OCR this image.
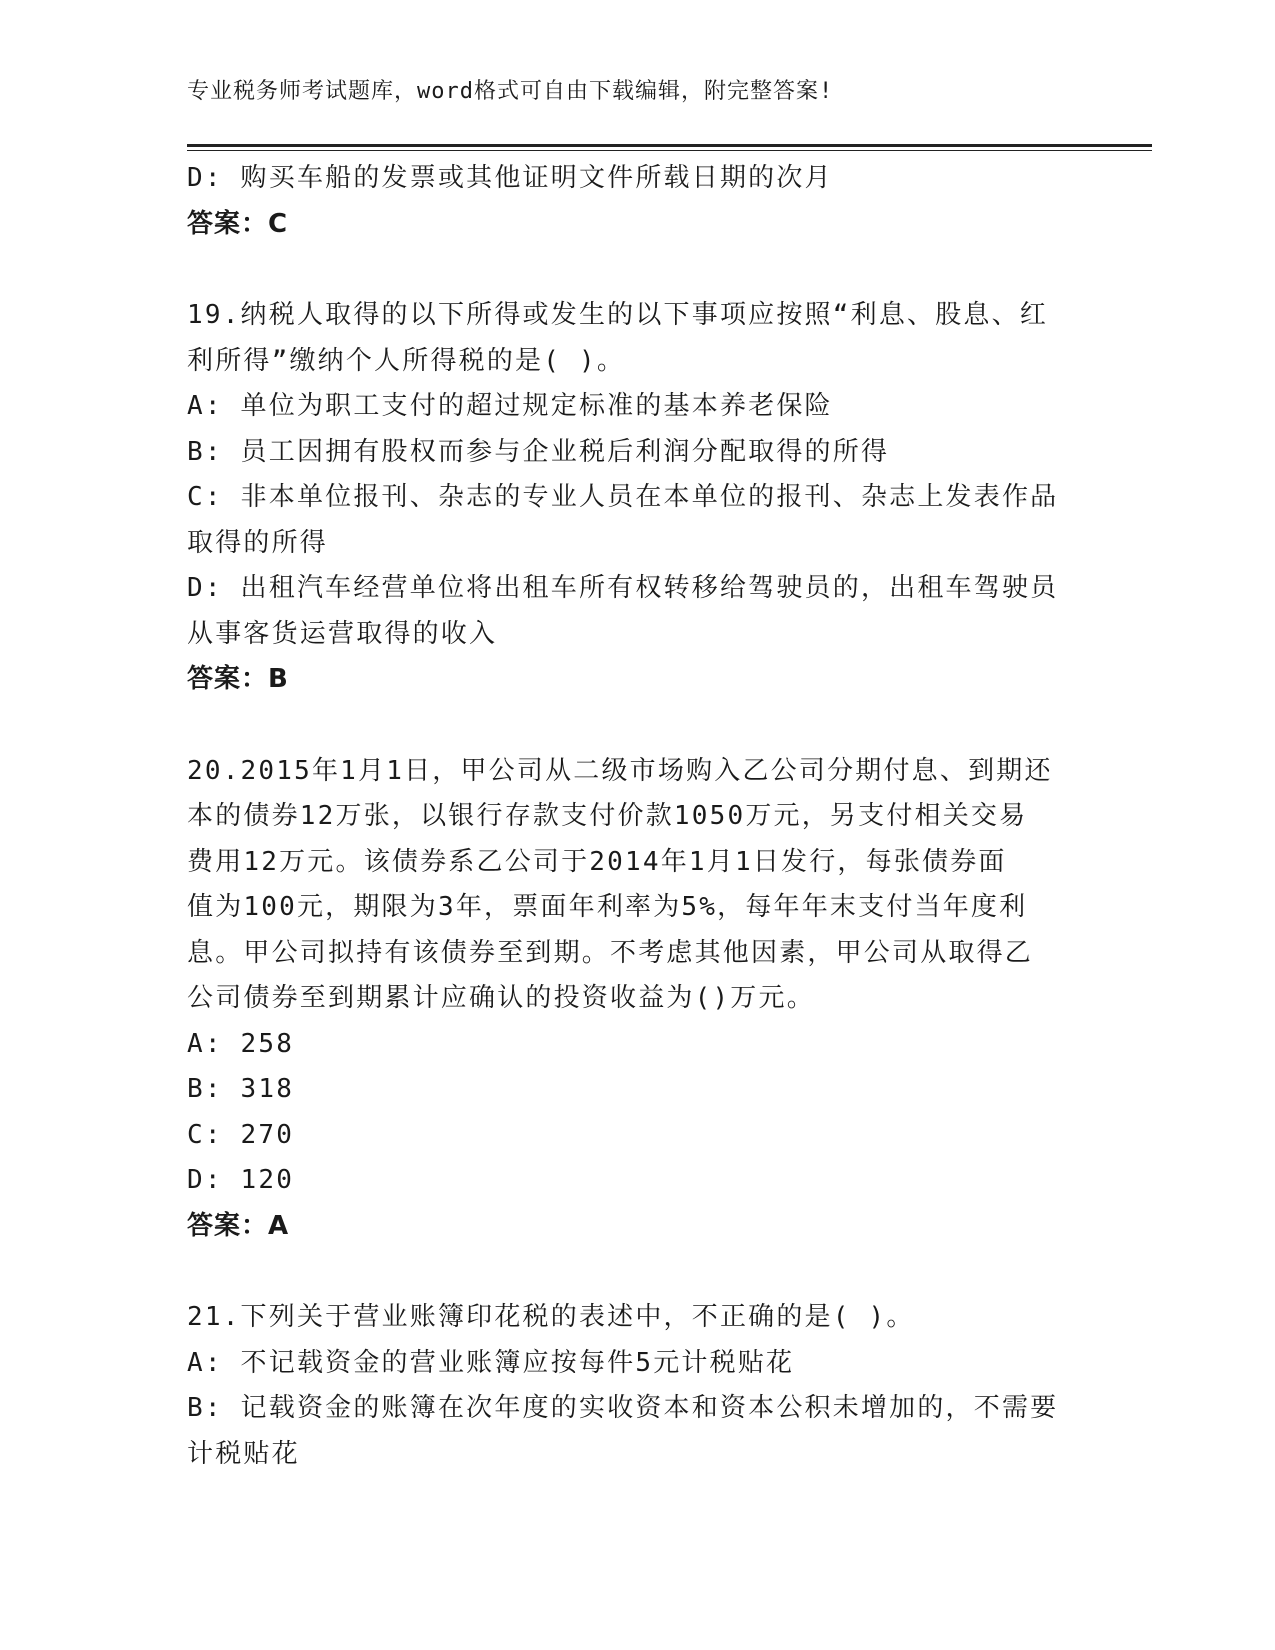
专业税务师考试题库，word格式可自由下载编辑，附完整答案!
D: 购买车船的发票或其他证明文件所载日期的次月
答案：C
19.纳税人取得的以下所得或发生的以下事项应按照“利息、股息、红
利所得”缴纳个人所得税的是( )。
A: 单位为职工支付的超过规定标准的基本养老保险
B: 员工因拥有股权而参与企业税后利润分配取得的所得
C: 非本单位报刊、杂志的专业人员在本单位的报刊、杂志上发表作品
取得的所得
D: 出租汽车经营单位将出租车所有权转移给驾驶员的，出租车驾驶员
从事客货运营取得的收入
答案：B
20.2015年1月1日，甲公司从二级市场购入乙公司分期付息、到期还
本的债券12万张，以银行存款支付价款1050万元，另支付相关交易
费用12万元。该债券系乙公司于2014年1月1日发行，每张债券面
值为100元，期限为3年，票面年利率为5%，每年年末支付当年度利
息。甲公司拟持有该债券至到期。不考虑其他因素，甲公司从取得乙
公司债券至到期累计应确认的投资收益为()万元。
A: 258
B: 318
C: 270
D: 120
答案：A
21.下列关于营业账簿印花税的表述中，不正确的是( )。
A: 不记载资金的营业账簿应按每件5元计税贴花
B: 记载资金的账簿在次年度的实收资本和资本公积未增加的，不需要
计税贴花
